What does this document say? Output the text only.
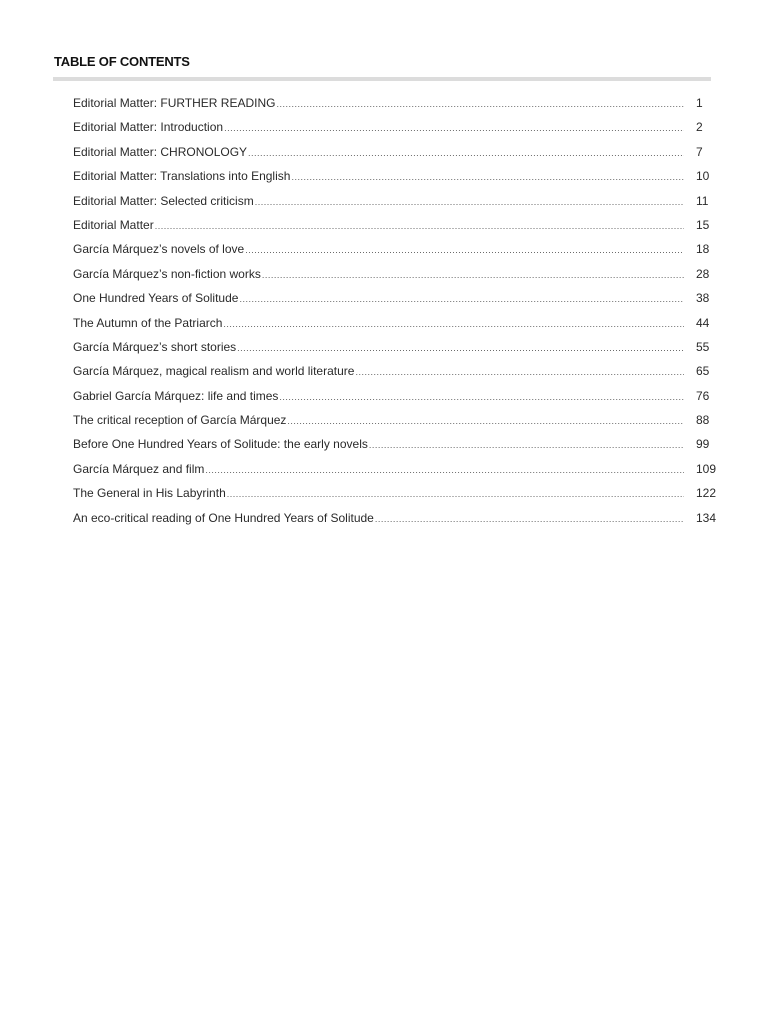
TABLE OF CONTENTS
Editorial Matter: FURTHER READING .....	1
Editorial Matter: Introduction .....	2
Editorial Matter: CHRONOLOGY .....	7
Editorial Matter: Translations into English .....	10
Editorial Matter: Selected criticism .....	11
Editorial Matter .....	15
García Márquez’s novels of love .....	18
García Márquez’s non-fiction works .....	28
One Hundred Years of Solitude .....	38
The Autumn of the Patriarch .....	44
García Márquez’s short stories .....	55
García Márquez, magical realism and world literature .....	65
Gabriel García Márquez: life and times .....	76
The critical reception of García Márquez .....	88
Before One Hundred Years of Solitude: the early novels .....	99
García Márquez and film .....	109
The General in His Labyrinth .....	122
An eco-critical reading of One Hundred Years of Solitude .....	134
